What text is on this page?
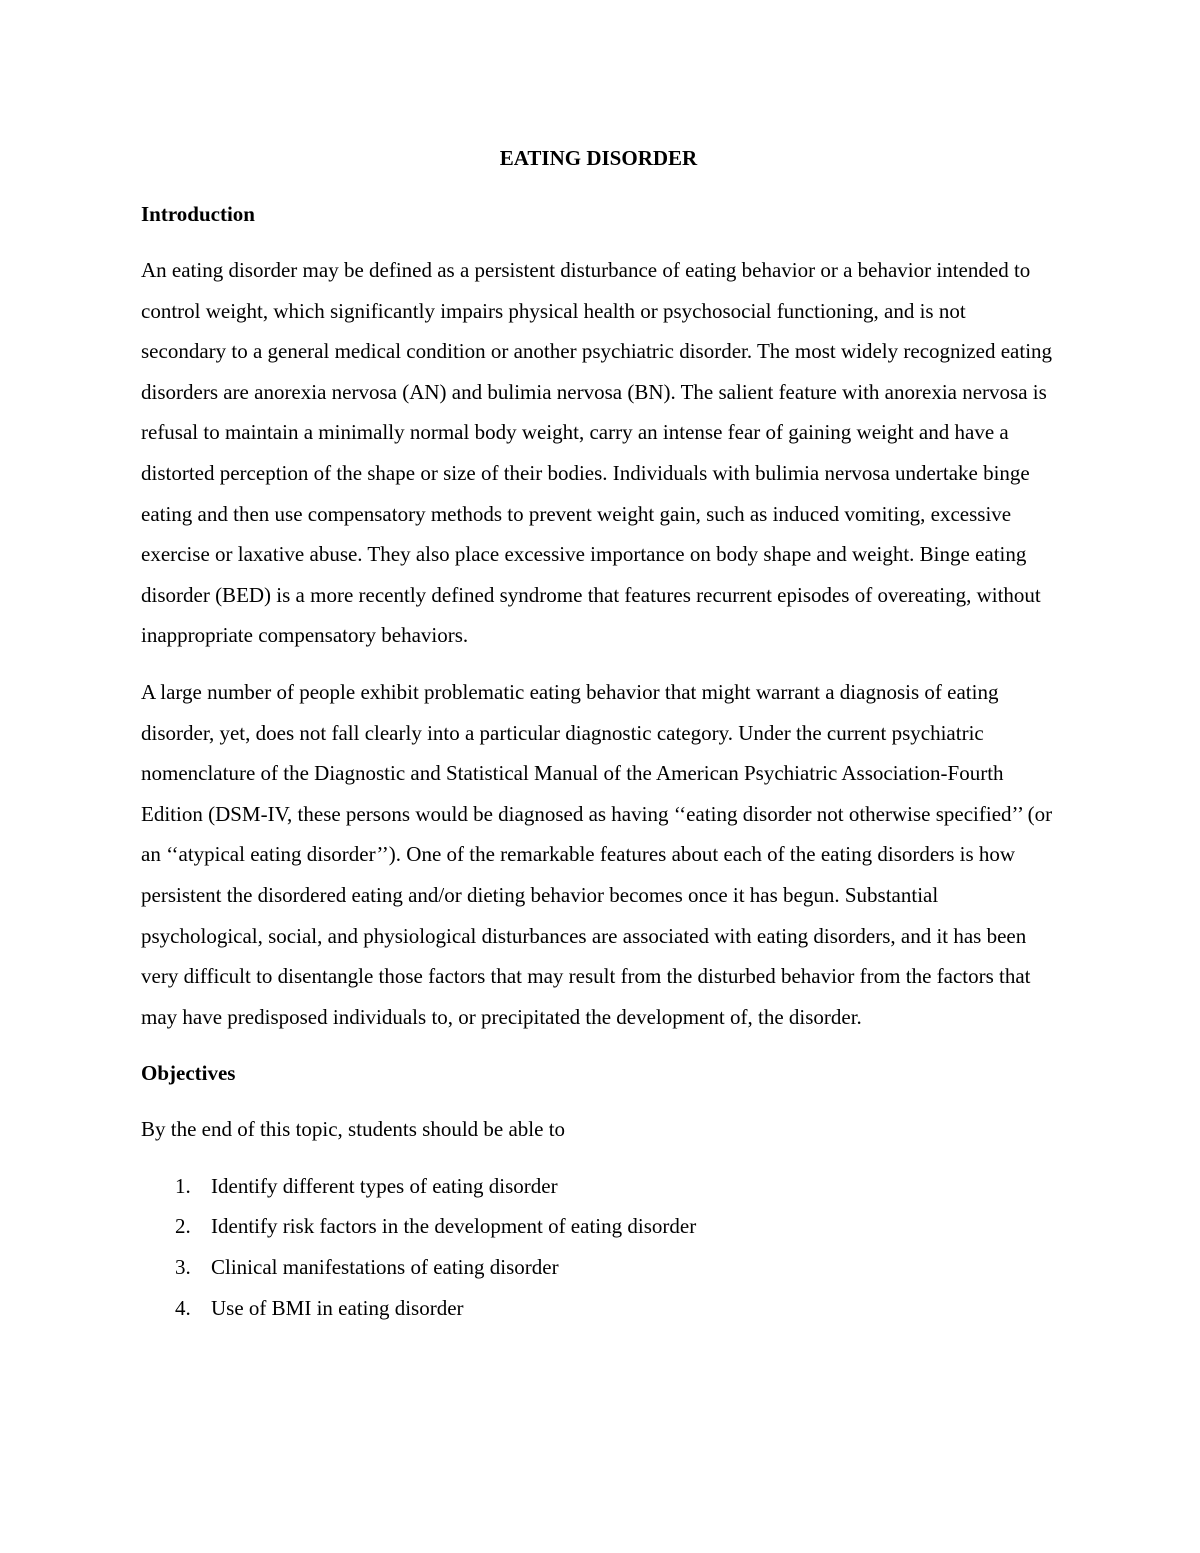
EATING DISORDER
Introduction

An eating disorder may be defined as a persistent disturbance of eating behavior or a behavior intended to control weight, which significantly impairs physical health or psychosocial functioning, and is not secondary to a general medical condition or another psychiatric disorder. The most widely recognized eating disorders are anorexia nervosa (AN) and bulimia nervosa (BN). The salient feature with anorexia nervosa is refusal to maintain a minimally normal body weight, carry an intense fear of gaining weight and have a distorted perception of the shape or size of their bodies. Individuals with bulimia nervosa undertake binge eating and then use compensatory methods to prevent weight gain, such as induced vomiting, excessive exercise or laxative abuse. They also place excessive importance on body shape and weight. Binge eating disorder (BED) is a more recently defined syndrome that features recurrent episodes of overeating, without inappropriate compensatory behaviors.

A large number of people exhibit problematic eating behavior that might warrant a diagnosis of eating disorder, yet, does not fall clearly into a particular diagnostic category. Under the current psychiatric nomenclature of the Diagnostic and Statistical Manual of the American Psychiatric Association-Fourth Edition (DSM-IV, these persons would be diagnosed as having ‘‘eating disorder not otherwise specified’’ (or an ‘‘atypical eating disorder’’). One of the remarkable features about each of the eating disorders is how persistent the disordered eating and/or dieting behavior becomes once it has begun. Substantial psychological, social, and physiological disturbances are associated with eating disorders, and it has been very difficult to disentangle those factors that may result from the disturbed behavior from the factors that may have predisposed individuals to, or precipitated the development of, the disorder.

Objectives

By the end of this topic, students should be able to

1. Identify different types of eating disorder
2. Identify risk factors in the development of eating disorder
3. Clinical manifestations of eating disorder
4. Use of BMI in eating disorder
